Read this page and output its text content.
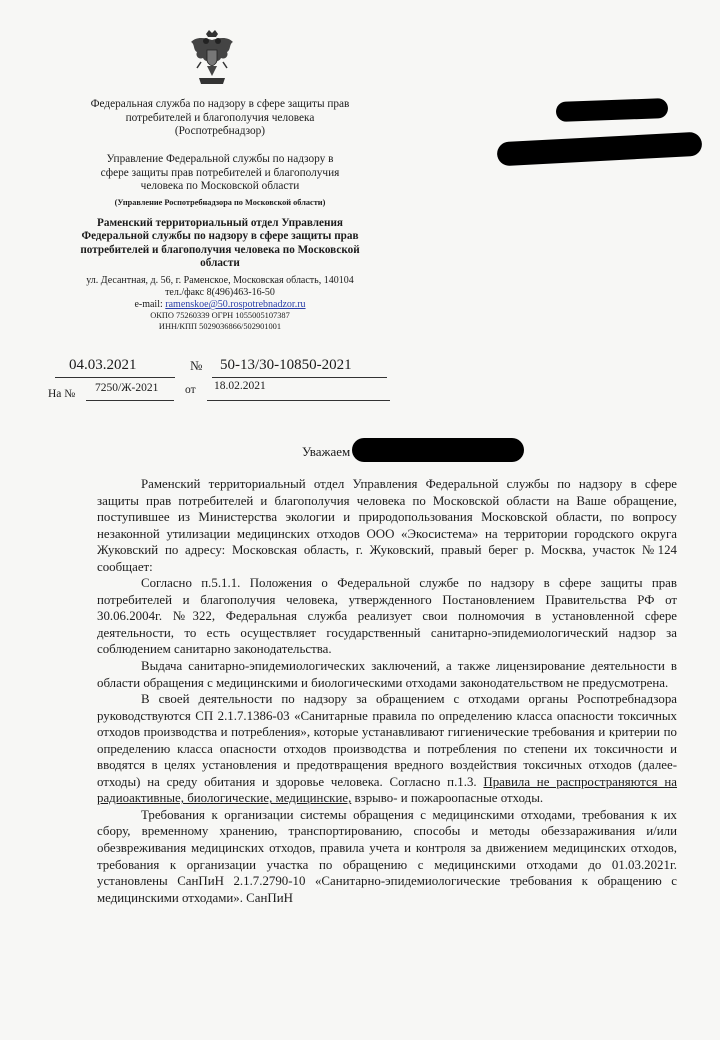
Федеральная служба по надзору в сфере защиты прав

потребителей и благополучия человека

(Роспотребнадзор)

Управление Федеральной службы по надзору в

сфере защиты прав потребителей и благополучия

человека по Московской области

(Управление Роспотребнадзора по Московской области)

Раменский территориальный отдел Управления

Федеральной службы по надзору в сфере защиты прав

потребителей и благополучия человека по Московской

области

ул. Десантная, д. 56, г. Раменское, Московская область, 140104

тел./факс 8(496)463-16-50

e-mail: ramenskoe@50.rospotrebnadzor.ru

ОКПО 75260339 ОГРН 1055005107387

ИНН/КПП 5029036866/502901001

04.03.2021	№ 50-13/30-10850-2021
На № 7250/Ж-2021 от 18.02.2021
Уважаем

Раменский территориальный отдел Управления Федеральной службы по надзору в сфере защиты прав потребителей и благополучия человека по Московской области на Ваше обращение, поступившее из Министерства экологии и природопользования Московской области, по вопросу незаконной утилизации медицинских отходов ООО «Экосистема» на территории городского округа Жуковский по адресу: Московская область, г. Жуковский, правый берег р. Москва, участок №124 сообщает:

Согласно п.5.1.1. Положения о Федеральной службе по надзору в сфере защиты прав потребителей и благополучия человека, утвержденного Постановлением Правительства РФ от 30.06.2004г. №322, Федеральная служба реализует свои полномочия в установленной сфере деятельности, то есть осуществляет государственный санитарно-эпидемиологический надзор за соблюдением санитарно законодательства.

Выдача санитарно-эпидемиологических заключений, а также лицензирование деятельности в области обращения с медицинскими и биологическими отходами законодательством не предусмотрена.

В своей деятельности по надзору за обращением с отходами органы Роспотребнадзора руководствуются СП 2.1.7.1386-03 «Санитарные правила по определению класса опасности токсичных отходов производства и потребления», которые устанавливают гигиенические требования и критерии по определению класса опасности отходов производства и потребления по степени их токсичности и вводятся в целях установления и предотвращения вредного воздействия токсичных отходов (далее-отходы) на среду обитания и здоровье человека. Согласно п.1.3. Правила не распространяются на радиоактивные, биологические, медицинские, взрыво- и пожароопасные отходы.

Требования к организации системы обращения с медицинскими отходами, требования к их сбору, временному хранению, транспортированию, способы и методы обеззараживания и/или обезвреживания медицинских отходов, правила учета и контроля за движением медицинских отходов, требования к организации участка по обращению с медицинскими отходами до 01.03.2021г. установлены СанПиН 2.1.7.2790-10 «Санитарно-эпидемиологические требования к обращению с медицинскими отходами». СанПиН
